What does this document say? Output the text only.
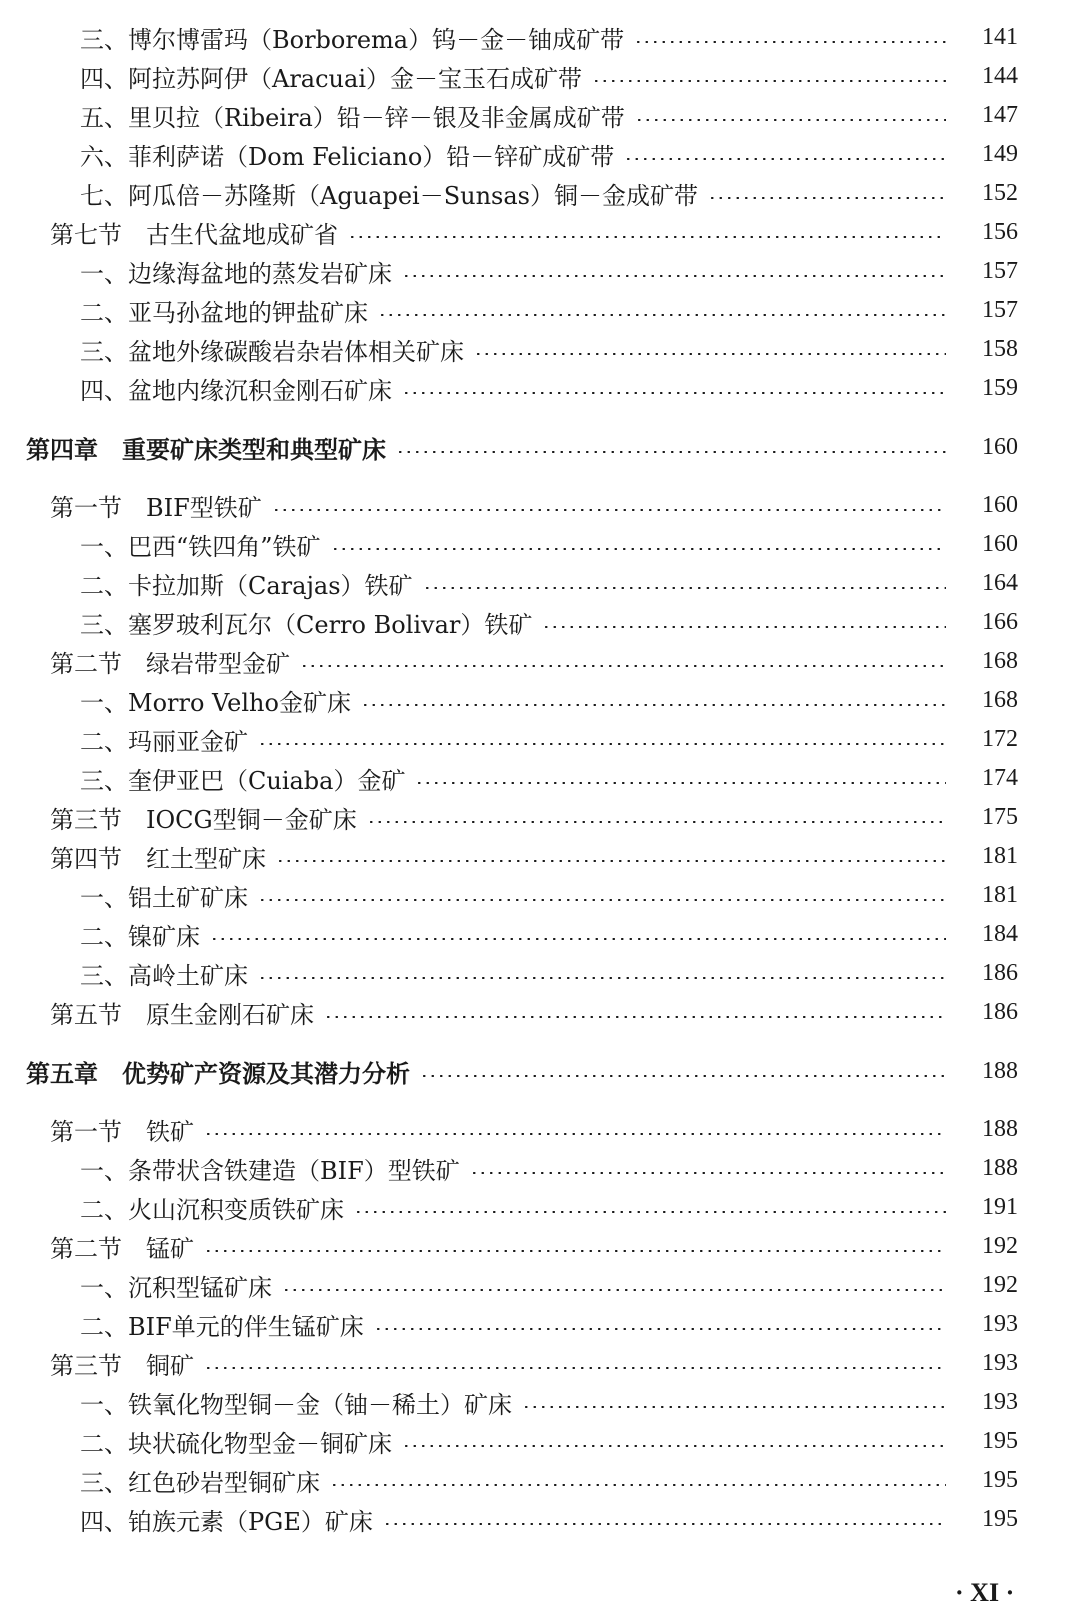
三、博尔博雷玛（Borborema）钨－金－铀成矿带	141
四、阿拉苏阿伊（Aracuai）金－宝玉石成矿带	144
五、里贝拉（Ribeira）铅－锌－银及非金属成矿带	147
六、菲利萨诺（Dom Feliciano）铅－锌矿成矿带	149
七、阿瓜倍－苏隆斯（Aguapei－Sunsas）铜－金成矿带	152
第七节　古生代盆地成矿省	156
一、边缘海盆地的蒸发岩矿床	157
二、亚马孙盆地的钾盐矿床	157
三、盆地外缘碳酸岩杂岩体相关矿床	158
四、盆地内缘沉积金刚石矿床	159
第四章　重要矿床类型和典型矿床	160
第一节　BIF型铁矿	160
一、巴西“铁四角”铁矿	160
二、卡拉加斯（Carajas）铁矿	164
三、塞罗玻利瓦尔（Cerro Bolivar）铁矿	166
第二节　绿岩带型金矿	168
一、Morro Velho金矿床	168
二、玛丽亚金矿	172
三、奎伊亚巴（Cuiaba）金矿	174
第三节　IOCG型铜－金矿床	175
第四节　红土型矿床	181
一、铝土矿矿床	181
二、镍矿床	184
三、高岭土矿床	186
第五节　原生金刚石矿床	186
第五章　优势矿产资源及其潜力分析	188
第一节　铁矿	188
一、条带状含铁建造（BIF）型铁矿	188
二、火山沉积变质铁矿床	191
第二节　锰矿	192
一、沉积型锰矿床	192
二、BIF单元的伴生锰矿床	193
第三节　铜矿	193
一、铁氧化物型铜－金（铀－稀土）矿床	193
二、块状硫化物型金－铜矿床	195
三、红色砂岩型铜矿床	195
四、铂族元素（PGE）矿床	195
· XI ·
